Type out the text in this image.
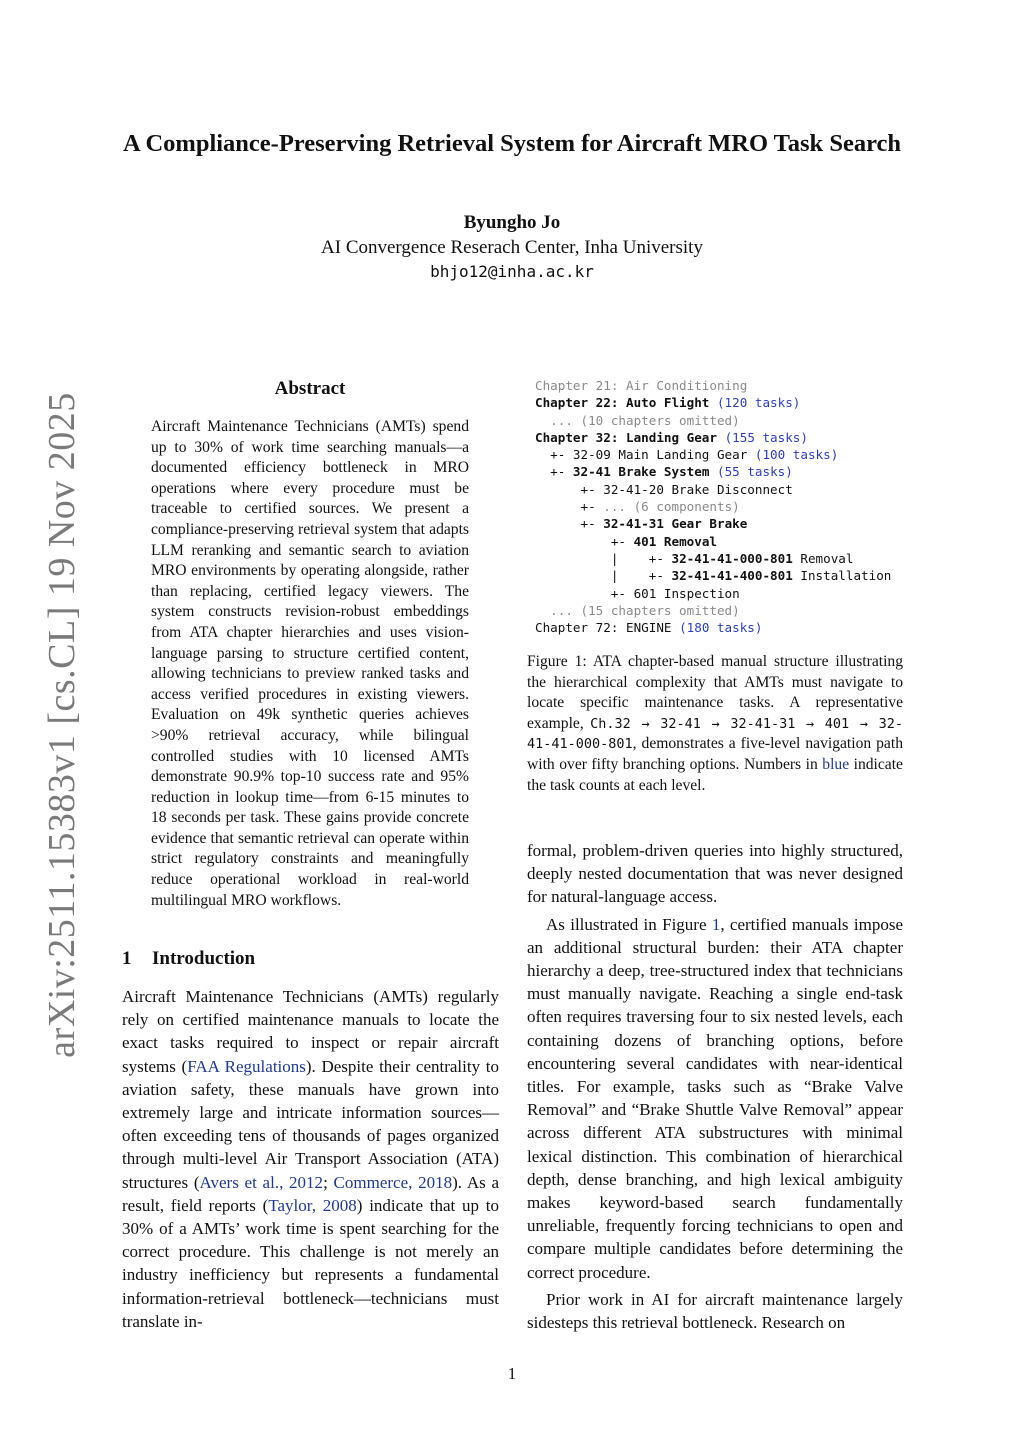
arXiv:2511.15383v1 [cs.CL] 19 Nov 2025
A Compliance-Preserving Retrieval System for Aircraft MRO Task Search
Byungho Jo
AI Convergence Reserach Center, Inha University
bhjo12@inha.ac.kr
Abstract

Aircraft Maintenance Technicians (AMTs) spend up to 30% of work time searching manuals—a documented efficiency bottleneck in MRO operations where every procedure must be traceable to certified sources. We present a compliance-preserving retrieval system that adapts LLM reranking and semantic search to aviation MRO environments by operating alongside, rather than replacing, certified legacy viewers. The system constructs revision-robust embeddings from ATA chapter hierarchies and uses vision-language parsing to structure certified content, allowing technicians to preview ranked tasks and access verified procedures in existing viewers. Evaluation on 49k synthetic queries achieves >90% retrieval accuracy, while bilingual controlled studies with 10 licensed AMTs demonstrate 90.9% top-10 success rate and 95% reduction in lookup time—from 6-15 minutes to 18 seconds per task. These gains provide concrete evidence that semantic retrieval can operate within strict regulatory constraints and meaningfully reduce operational workload in real-world multilingual MRO workflows.

1 Introduction

Aircraft Maintenance Technicians (AMTs) regularly rely on certified maintenance manuals to locate the exact tasks required to inspect or repair aircraft systems (FAA Regulations). Despite their centrality to aviation safety, these manuals have grown into extremely large and intricate information sources—often exceeding tens of thousands of pages organized through multi-level Air Transport Association (ATA) structures (Avers et al., 2012; Commerce, 2018). As a result, field reports (Taylor, 2008) indicate that up to 30% of a AMTs’ work time is spent searching for the correct procedure. This challenge is not merely an industry inefficiency but represents a fundamental information-retrieval bottleneck—technicians must translate in-

Chapter 21: Air Conditioning
Chapter 22: Auto Flight (120 tasks)
... (10 chapters omitted)
Chapter 32: Landing Gear (155 tasks)
+- 32-09 Main Landing Gear (100 tasks)
+- 32-41 Brake System (55 tasks)
+- 32-41-20 Brake Disconnect
+- ... (6 components)
+- 32-41-31 Gear Brake
+- 401 Removal
|    +- 32-41-41-000-801 Removal
|    +- 32-41-41-400-801 Installation
+- 601 Inspection
... (15 chapters omitted)
Chapter 72: ENGINE (180 tasks)

Figure 1: ATA chapter-based manual structure illustrating the hierarchical complexity that AMTs must navigate to locate specific maintenance tasks. A representative example, Ch.32 → 32-41 → 32-41-31 → 401 → 32-41-41-000-801, demonstrates a five-level navigation path with over fifty branching options. Numbers in blue indicate the task counts at each level.

formal, problem-driven queries into highly structured, deeply nested documentation that was never designed for natural-language access.

As illustrated in Figure 1, certified manuals impose an additional structural burden: their ATA chapter hierarchy a deep, tree-structured index that technicians must manually navigate. Reaching a single end-task often requires traversing four to six nested levels, each containing dozens of branching options, before encountering several candidates with near-identical titles. For example, tasks such as “Brake Valve Removal” and “Brake Shuttle Valve Removal” appear across different ATA substructures with minimal lexical distinction. This combination of hierarchical depth, dense branching, and high lexical ambiguity makes keyword-based search fundamentally unreliable, frequently forcing technicians to open and compare multiple candidates before determining the correct procedure.

Prior work in AI for aircraft maintenance largely sidesteps this retrieval bottleneck. Research on

1
